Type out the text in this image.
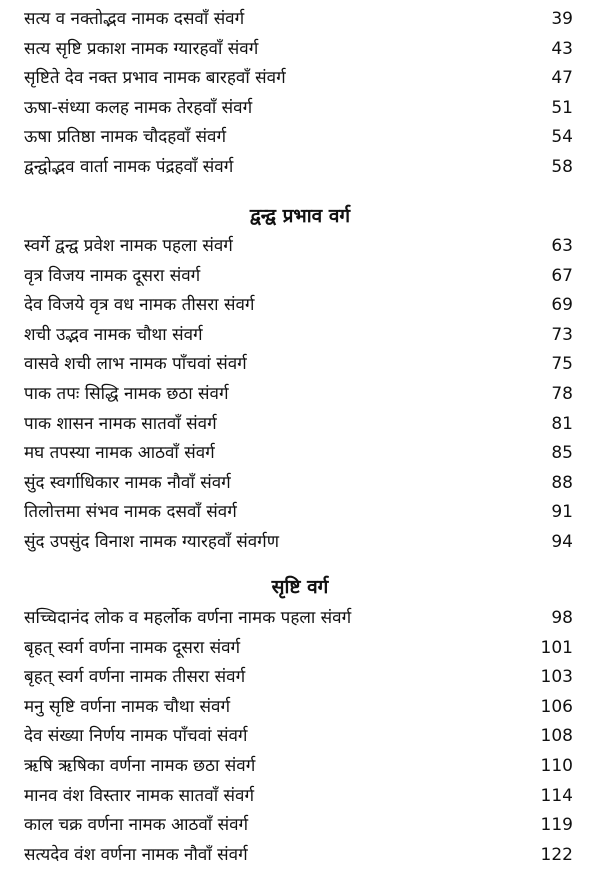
सत्य व नक्तोद्भव नामक दसवाँ संवर्ग	39
सत्य सृष्टि प्रकाश नामक ग्यारहवाँ संवर्ग	43
सृष्टिते देव नक्त प्रभाव नामक बारहवाँ संवर्ग	47
ऊषा-संध्या कलह नामक तेरहवाँ संवर्ग	51
ऊषा प्रतिष्ठा नामक चौदहवाँ संवर्ग	54
द्वन्द्वोद्भव वार्ता नामक पंद्रहवाँ संवर्ग	58
द्वन्द्व प्रभाव वर्ग
स्वर्गे द्वन्द्व प्रवेश नामक पहला संवर्ग	63
वृत्र विजय नामक दूसरा संवर्ग	67
देव विजये वृत्र वध नामक तीसरा संवर्ग	69
शची उद्भव नामक चौथा संवर्ग	73
वासवे शची लाभ नामक पाँचवां संवर्ग	75
पाक तपः सिद्धि नामक छठा संवर्ग	78
पाक शासन नामक सातवाँ संवर्ग	81
मघ तपस्या नामक आठवाँ संवर्ग	85
सुंद स्वर्गाधिकार नामक नौवाँ संवर्ग	88
तिलोत्तमा संभव नामक दसवाँ संवर्ग	91
सुंद उपसुंद विनाश नामक ग्यारहवाँ संवर्गण	94
सृष्टि वर्ग
सच्चिदानंद लोक व महर्लोक वर्णना नामक पहला संवर्ग	98
बृहत् स्वर्ग वर्णना नामक दूसरा संवर्ग	101
बृहत् स्वर्ग वर्णना नामक तीसरा संवर्ग	103
मनु सृष्टि वर्णना नामक चौथा संवर्ग	106
देव संख्या निर्णय नामक पाँचवां संवर्ग	108
ऋषि ऋषिका वर्णना नामक छठा संवर्ग	110
मानव वंश विस्तार नामक सातवाँ संवर्ग	114
काल चक्र वर्णना नामक आठवाँ संवर्ग	119
सत्यदेव वंश वर्णना नामक नौवाँ संवर्ग	122
